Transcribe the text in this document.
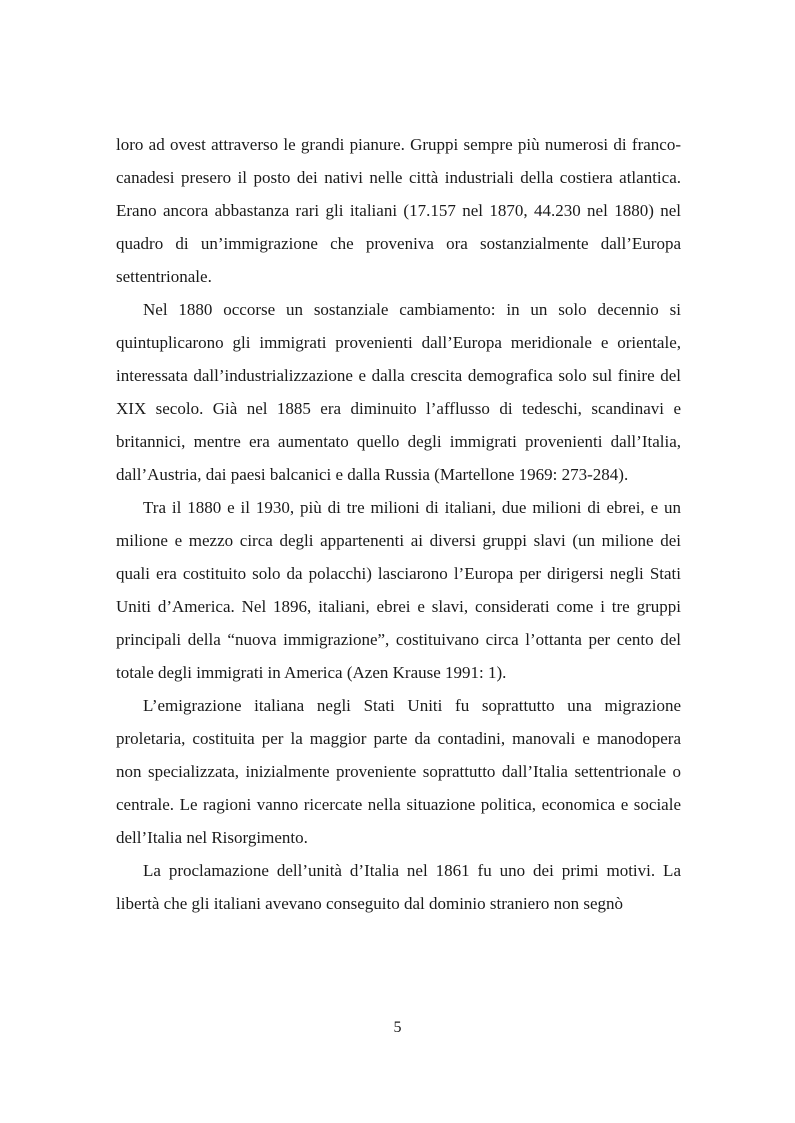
loro ad ovest attraverso le grandi pianure. Gruppi sempre più numerosi di franco-canadesi presero il posto dei nativi nelle città industriali della costiera atlantica. Erano ancora abbastanza rari gli italiani (17.157 nel 1870, 44.230 nel 1880) nel quadro di un’immigrazione che proveniva ora sostanzialmente dall’Europa settentrionale.

Nel 1880 occorse un sostanziale cambiamento: in un solo decennio si quintuplicarono gli immigrati provenienti dall’Europa meridionale e orientale, interessata dall’industrializzazione e dalla crescita demografica solo sul finire del XIX secolo. Già nel 1885 era diminuito l’afflusso di tedeschi, scandinavi e britannici, mentre era aumentato quello degli immigrati provenienti dall’Italia, dall’Austria, dai paesi balcanici e dalla Russia (Martellone 1969: 273-284).

Tra il 1880 e il 1930, più di tre milioni di italiani, due milioni di ebrei, e un milione e mezzo circa degli appartenenti ai diversi gruppi slavi (un milione dei quali era costituito solo da polacchi) lasciarono l’Europa per dirigersi negli Stati Uniti d’America. Nel 1896, italiani, ebrei e slavi, considerati come i tre gruppi principali della “nuova immigrazione”, costituivano circa l’ottanta per cento del totale degli immigrati in America (Azen Krause 1991: 1).

L’emigrazione italiana negli Stati Uniti fu soprattutto una migrazione proletaria, costituita per la maggior parte da contadini, manovali e manodopera non specializzata, inizialmente proveniente soprattutto dall’Italia settentrionale o centrale. Le ragioni vanno ricercate nella situazione politica, economica e sociale dell’Italia nel Risorgimento.

La proclamazione dell’unità d’Italia nel 1861 fu uno dei primi motivi. La libertà che gli italiani avevano conseguito dal dominio straniero non segnò

5
